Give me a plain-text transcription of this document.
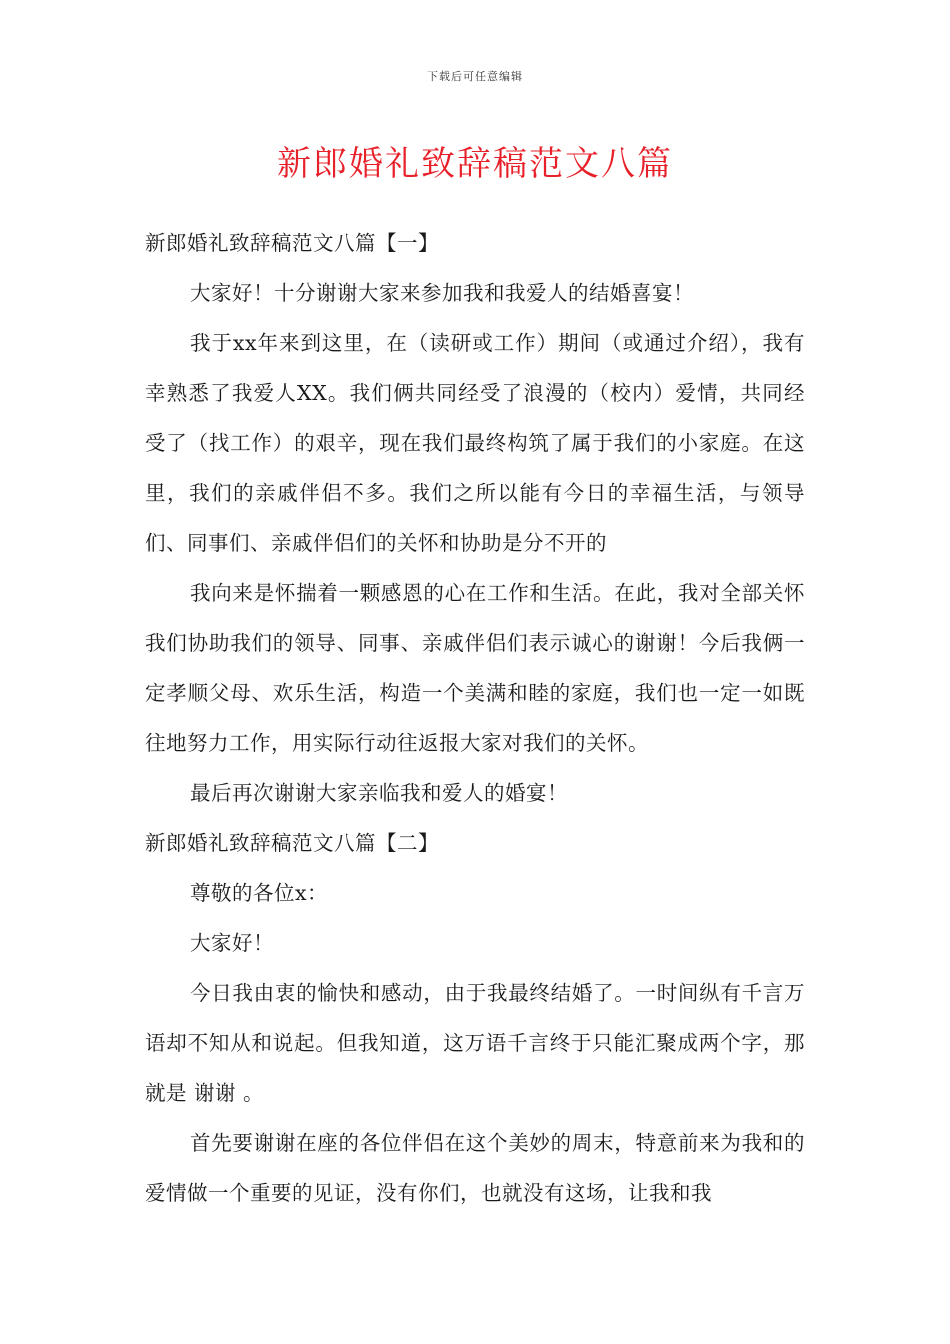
下载后可任意编辑
新郎婚礼致辞稿范文八篇

新郎婚礼致辞稿范文八篇【一】

大家好！十分谢谢大家来参加我和我爱人的结婚喜宴！

我于xx年来到这里，在（读研或工作）期间（或通过介绍），我有幸熟悉了我爱人XX。我们俩共同经受了浪漫的（校内）爱情，共同经受了（找工作）的艰辛，现在我们最终构筑了属于我们的小家庭。在这里，我们的亲戚伴侣不多。我们之所以能有今日的幸福生活，与领导们、同事们、亲戚伴侣们的关怀和协助是分不开的

我向来是怀揣着一颗感恩的心在工作和生活。在此，我对全部关怀我们协助我们的领导、同事、亲戚伴侣们表示诚心的谢谢！今后我俩一定孝顺父母、欢乐生活，构造一个美满和睦的家庭，我们也一定一如既往地努力工作，用实际行动往返报大家对我们的关怀。

最后再次谢谢大家亲临我和爱人的婚宴！

新郎婚礼致辞稿范文八篇【二】

尊敬的各位x：

大家好！

今日我由衷的愉快和感动，由于我最终结婚了。一时间纵有千言万语却不知从和说起。但我知道，这万语千言终于只能汇聚成两个字，那就是 谢谢 。

首先要谢谢在座的各位伴侣在这个美妙的周末，特意前来为我和的爱情做一个重要的见证，没有你们，也就没有这场，让我和我
